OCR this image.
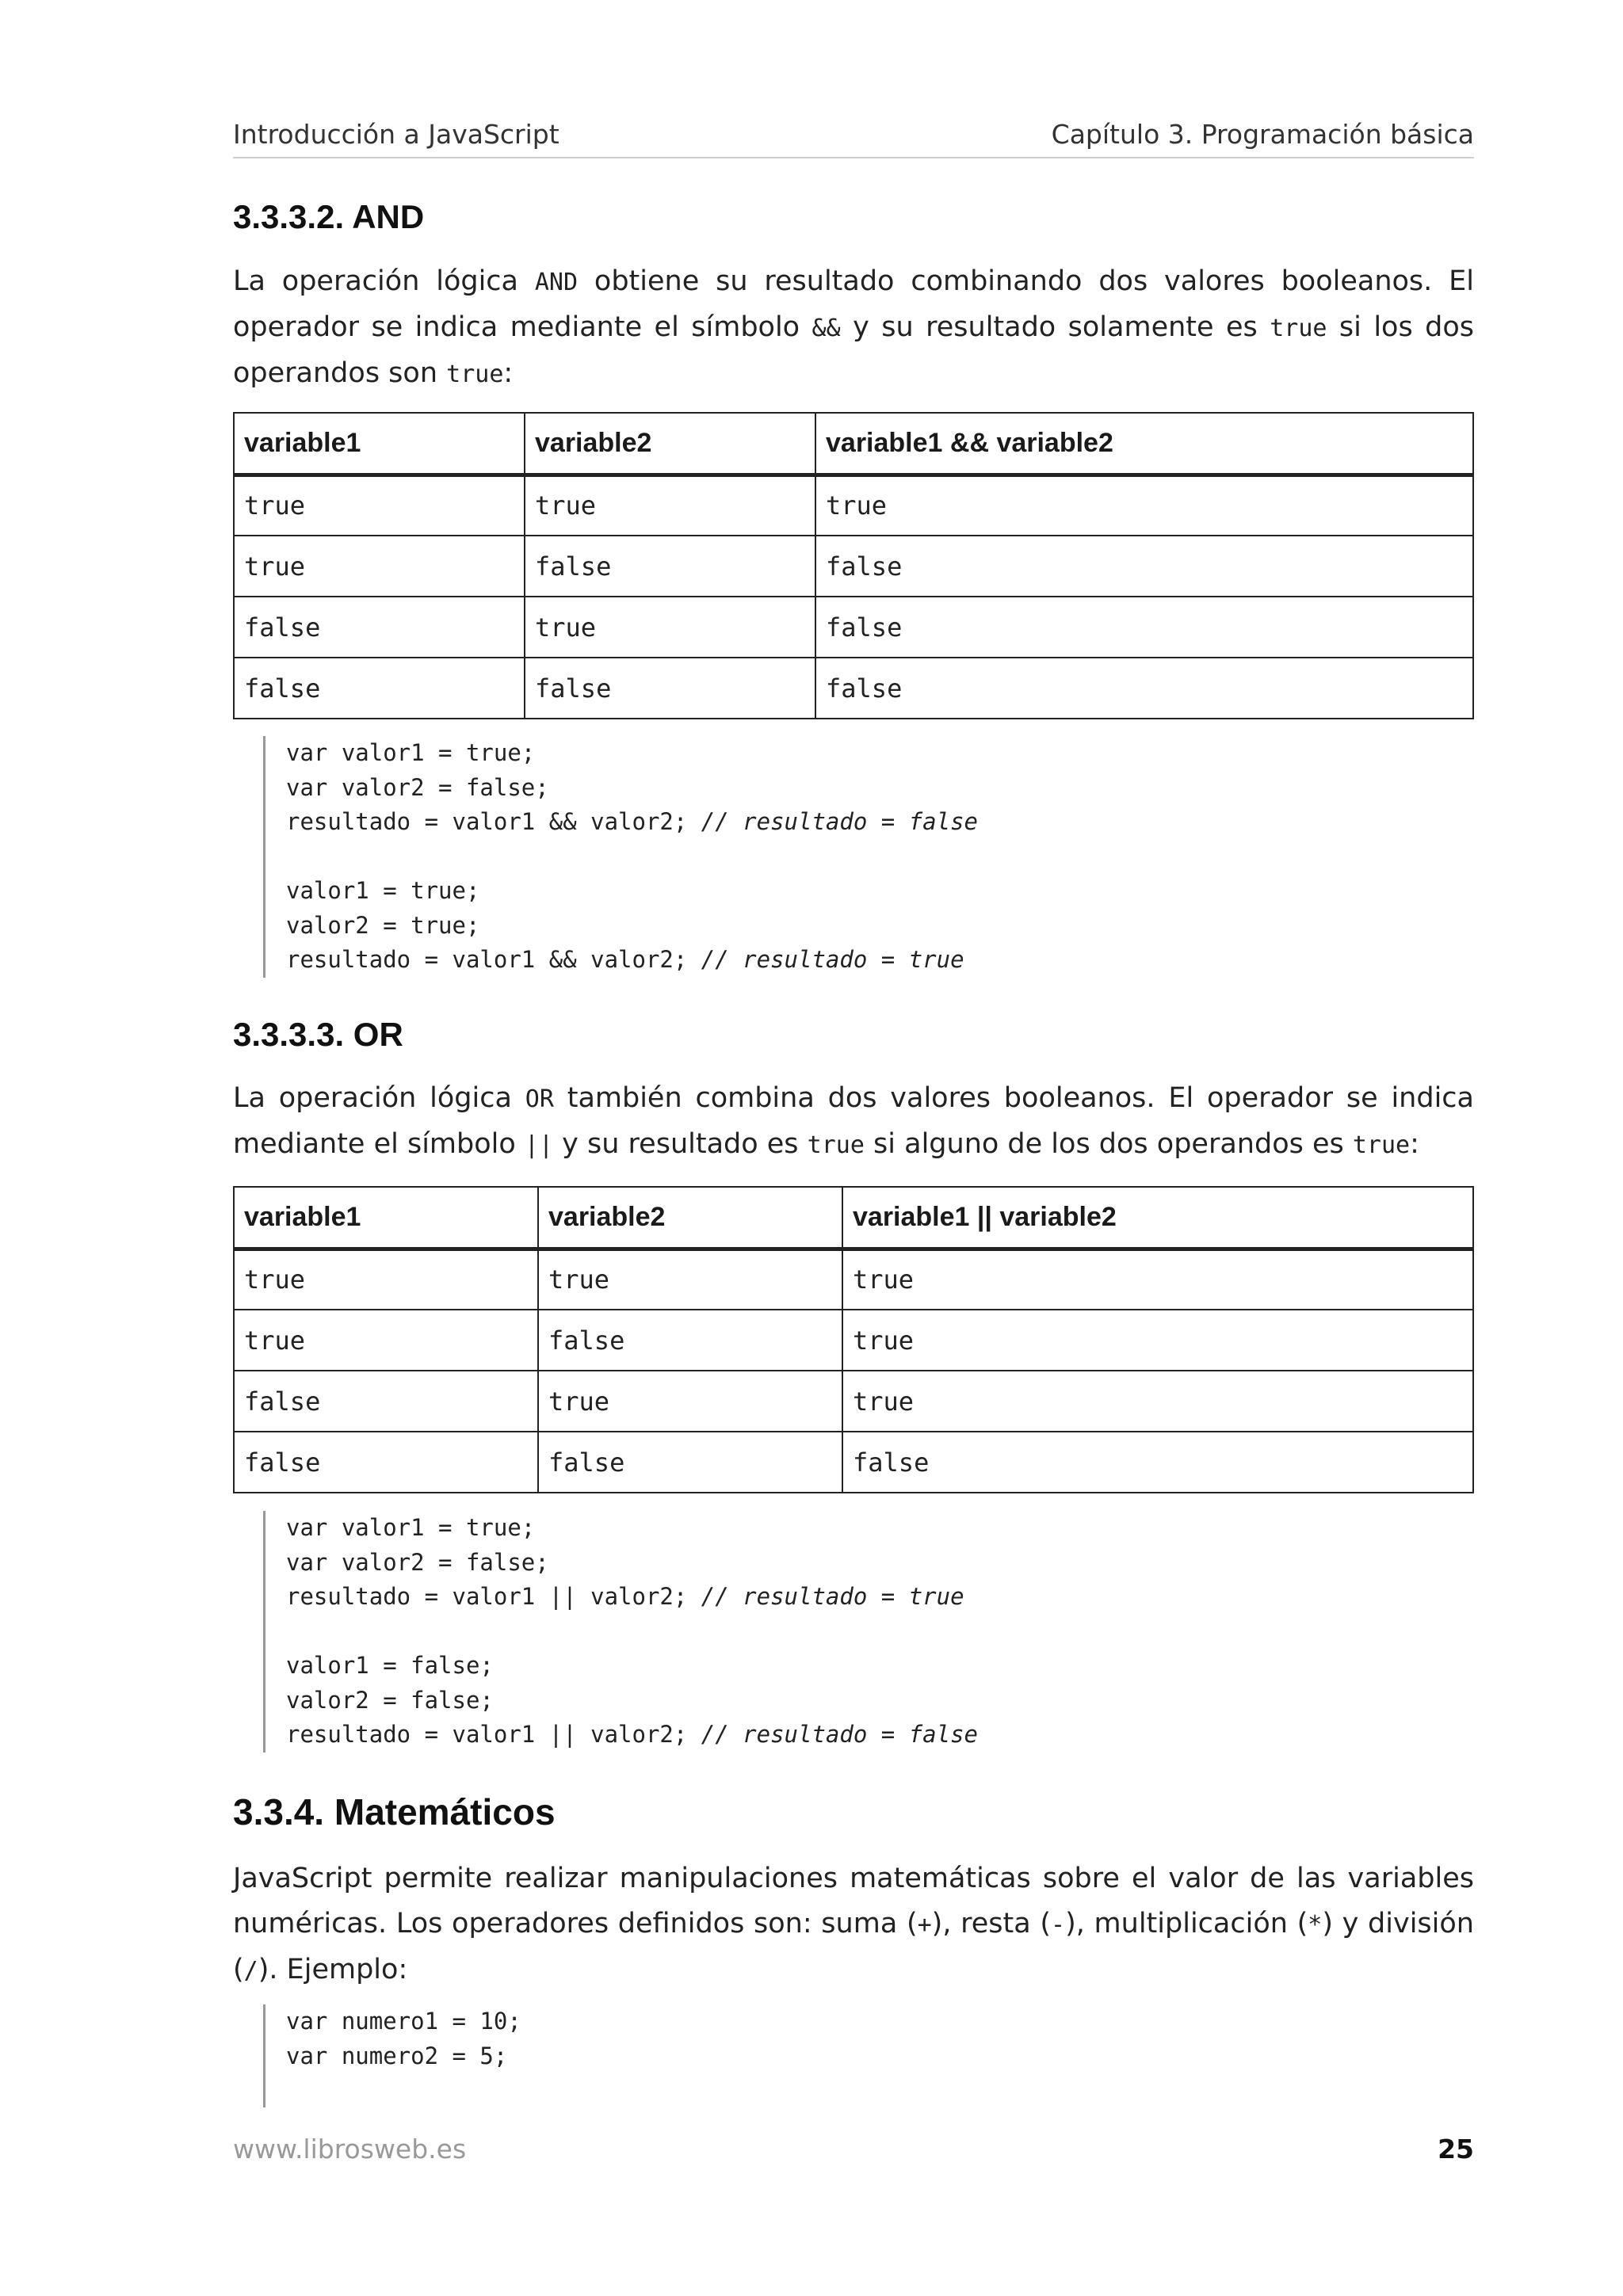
Introducción a JavaScript	Capítulo 3. Programación básica
3.3.3.2. AND

La operación lógica AND obtiene su resultado combinando dos valores booleanos. El operador se indica mediante el símbolo && y su resultado solamente es true si los dos operandos son true:

variable1	variable2	variable1 && variable2
true	true	true
true	false	false
false	true	false
false	false	false
var valor1 = true;
var valor2 = false;
resultado = valor1 && valor2; // resultado = false
valor1 = true;
valor2 = true;
resultado = valor1 && valor2; // resultado = true
3.3.3.3. OR

La operación lógica OR también combina dos valores booleanos. El operador se indica mediante el símbolo || y su resultado es true si alguno de los dos operandos es true:

variable1	variable2	variable1 || variable2
true	true	true
true	false	true
false	true	true
false	false	false
var valor1 = true;
var valor2 = false;
resultado = valor1 || valor2; // resultado = true
valor1 = false;
valor2 = false;
resultado = valor1 || valor2; // resultado = false
3.3.4. Matemáticos

JavaScript permite realizar manipulaciones matemáticas sobre el valor de las variables numéricas. Los operadores definidos son: suma (+), resta (-), multiplicación (*) y división (/). Ejemplo:

var numero1 = 10;
var numero2 = 5;
www.librosweb.es	25
